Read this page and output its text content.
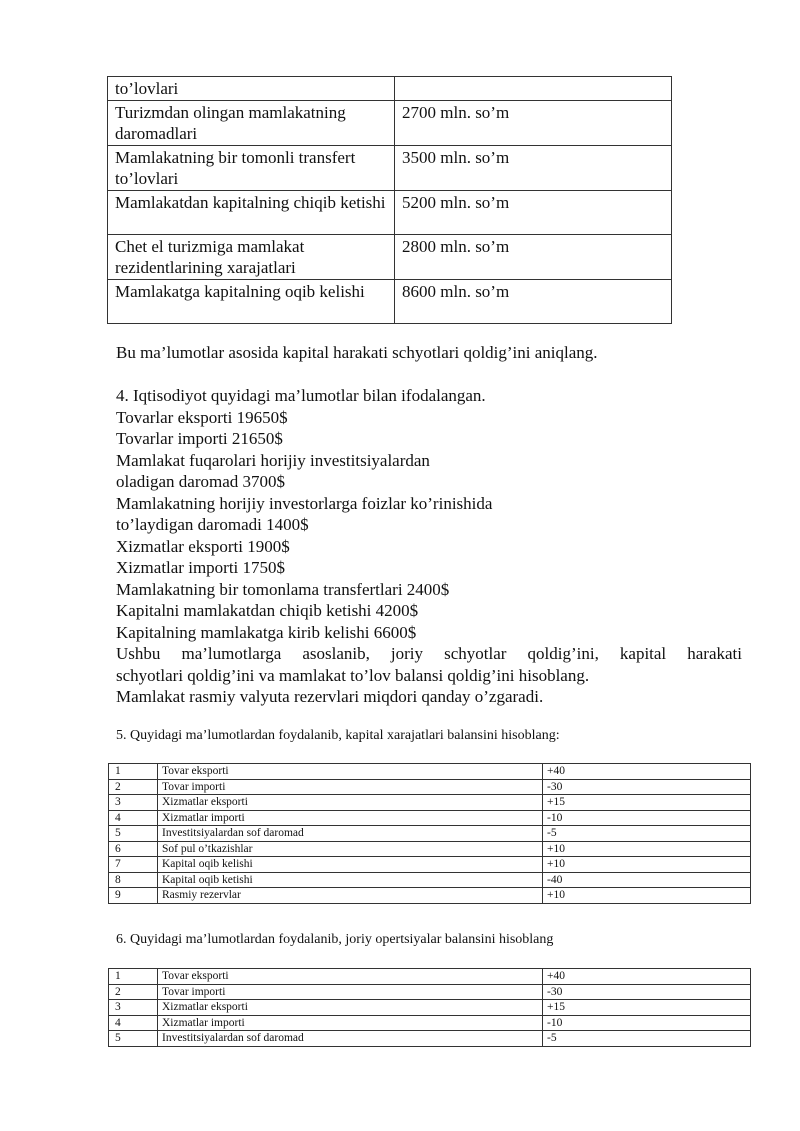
to’lovlari	
Turizmdan olingan mamlakatning daromadlari	2700 mln. so’m
Mamlakatning bir tomonli transfert to’lovlari	3500 mln. so’m
Mamlakatdan kapitalning chiqib ketishi	5200 mln. so’m
Chet el turizmiga mamlakat rezidentlarining xarajatlari	2800 mln. so’m
Mamlakatga kapitalning oqib kelishi	8600 mln. so’m
Bu ma’lumotlar asosida kapital harakati schyotlari qoldig’ini aniqlang.
4. Iqtisodiyot quyidagi ma’lumotlar bilan ifodalangan.
Tovarlar eksporti 19650$
Tovarlar importi 21650$
Mamlakat fuqarolari horijiy investitsiyalardan
oladigan daromad 3700$
Mamlakatning horijiy investorlarga foizlar ko’rinishida
to’laydigan daromadi 1400$
Xizmatlar eksporti 1900$
Xizmatlar importi 1750$
Mamlakatning bir tomonlama transfertlari 2400$
Kapitalni mamlakatdan chiqib ketishi 4200$
Kapitalning mamlakatga kirib kelishi 6600$
Ushbu ma’lumotlarga asoslanib, joriy schyotlar qoldig’ini, kapital harakati
schyotlari qoldig’ini va mamlakat to’lov balansi qoldig’ini hisoblang.
Mamlakat rasmiy valyuta rezervlari miqdori qanday o’zgaradi.
5. Quyidagi ma’lumotlardan foydalanib, kapital xarajatlari balansini hisoblang:
1	Tovar eksporti	+40
2	Tovar importi	-30
3	Xizmatlar eksporti	+15
4	Xizmatlar importi	-10
5	Investitsiyalardan sof daromad	-5
6	Sof pul o’tkazishlar	+10
7	Kapital oqib kelishi	+10
8	Kapital oqib ketishi	-40
9	Rasmiy rezervlar	+10
6. Quyidagi ma’lumotlardan foydalanib, joriy opertsiyalar balansini hisoblang
1	Tovar eksporti	+40
2	Tovar importi	-30
3	Xizmatlar eksporti	+15
4	Xizmatlar importi	-10
5	Investitsiyalardan sof daromad	-5
